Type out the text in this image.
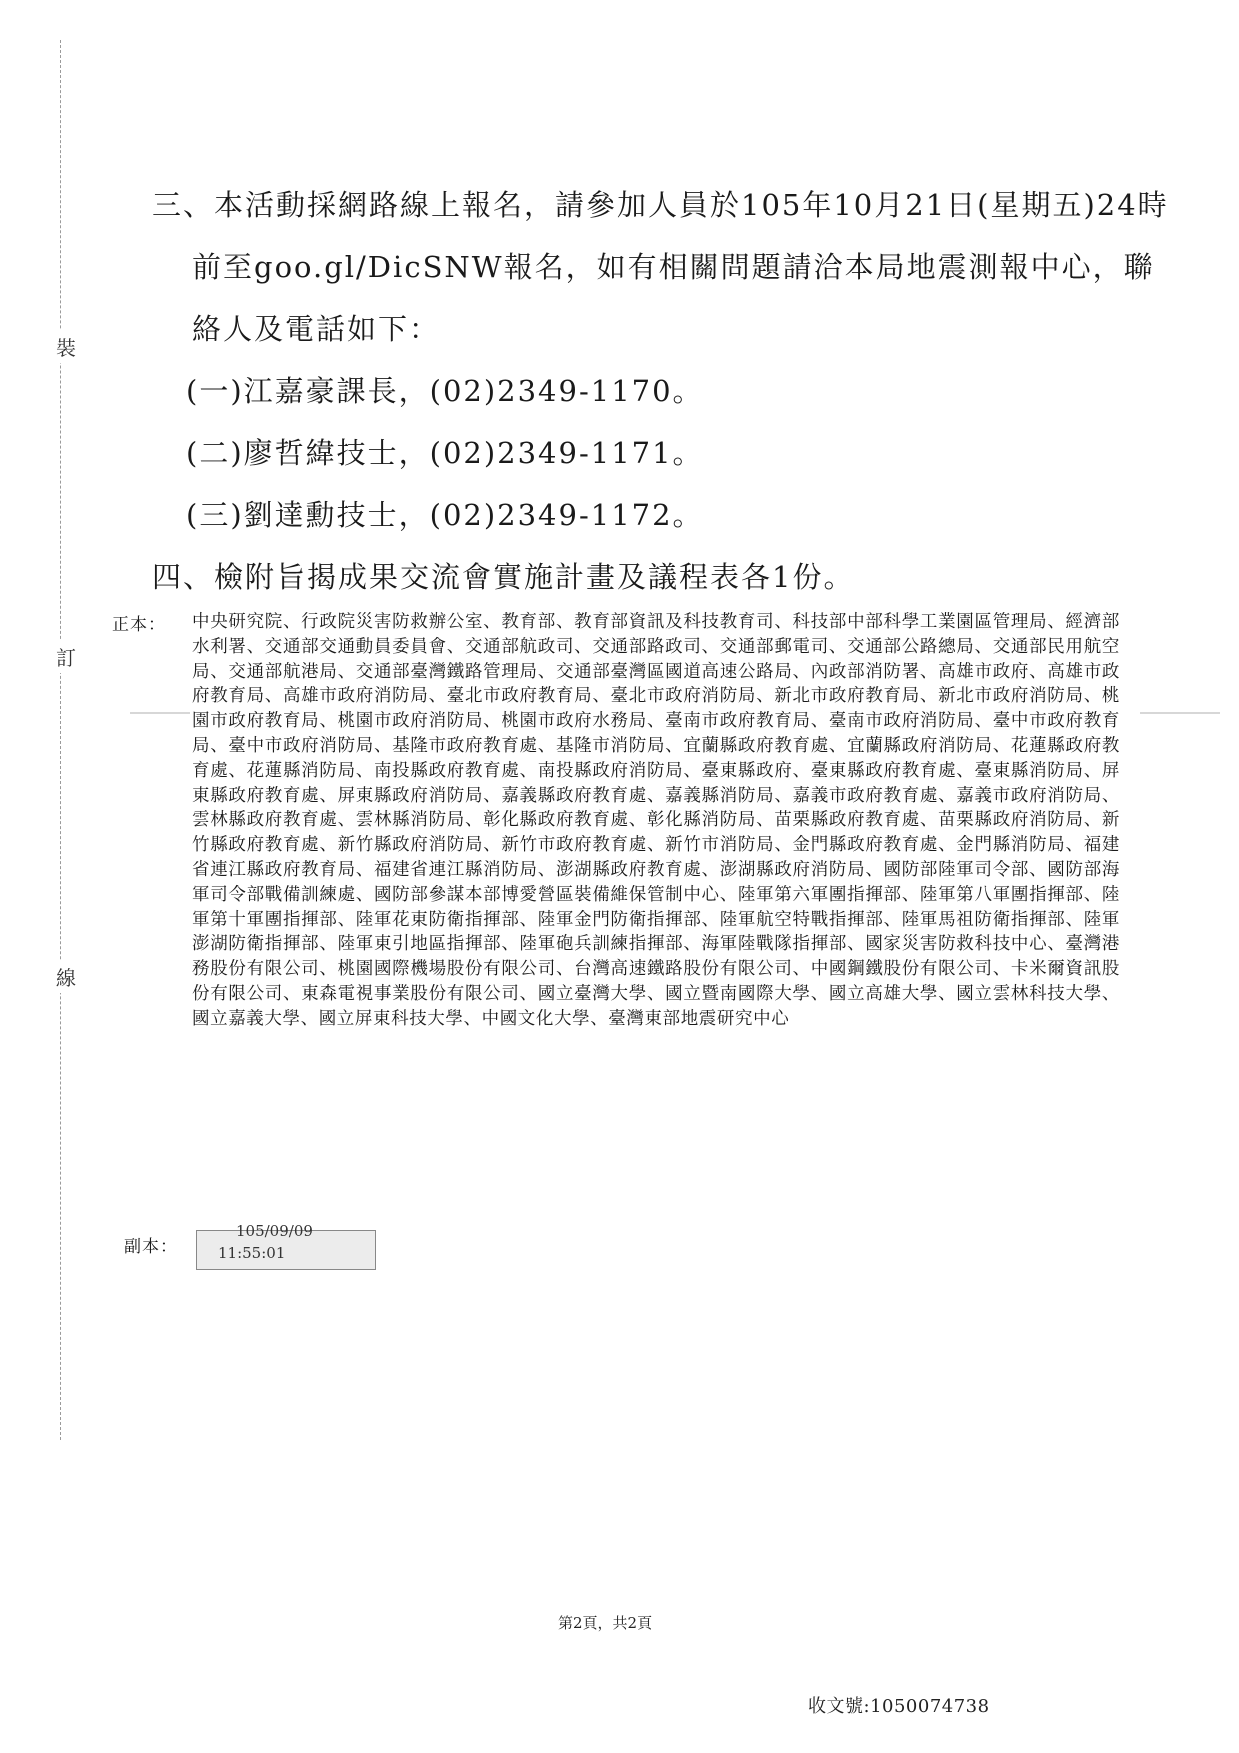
裝
訂
線
三、本活動採網路線上報名，請參加人員於105年10月21日(星期五)24時
前至goo.gl/DicSNW報名，如有相關問題請洽本局地震測報中心，聯
絡人及電話如下：
(一)江嘉豪課長，(02)2349-1170。
(二)廖哲緯技士，(02)2349-1171。
(三)劉達勳技士，(02)2349-1172。
四、檢附旨揭成果交流會實施計畫及議程表各1份。
正本： 中央研究院、行政院災害防救辦公室、教育部、教育部資訊及科技教育司、科技部中部科學工業園區管理局、經濟部水利署、交通部交通動員委員會、交通部航政司、交通部路政司、交通部郵電司、交通部公路總局、交通部民用航空局、交通部航港局、交通部臺灣鐵路管理局、交通部臺灣區國道高速公路局、內政部消防署、高雄市政府、高雄市政府教育局、高雄市政府消防局、臺北市政府教育局、臺北市政府消防局、新北市政府教育局、新北市政府消防局、桃園市政府教育局、桃園市政府消防局、桃園市政府水務局、臺南市政府教育局、臺南市政府消防局、臺中市政府教育局、臺中市政府消防局、基隆市政府教育處、基隆市消防局、宜蘭縣政府教育處、宜蘭縣政府消防局、花蓮縣政府教育處、花蓮縣消防局、南投縣政府教育處、南投縣政府消防局、臺東縣政府、臺東縣政府教育處、臺東縣消防局、屏東縣政府教育處、屏東縣政府消防局、嘉義縣政府教育處、嘉義縣消防局、嘉義市政府教育處、嘉義市政府消防局、雲林縣政府教育處、雲林縣消防局、彰化縣政府教育處、彰化縣消防局、苗栗縣政府教育處、苗栗縣政府消防局、新竹縣政府教育處、新竹縣政府消防局、新竹市政府教育處、新竹市消防局、金門縣政府教育處、金門縣消防局、福建省連江縣政府教育局、福建省連江縣消防局、澎湖縣政府教育處、澎湖縣政府消防局、國防部陸軍司令部、國防部海軍司令部戰備訓練處、國防部參謀本部博愛營區裝備維保管制中心、陸軍第六軍團指揮部、陸軍第八軍團指揮部、陸軍第十軍團指揮部、陸軍花東防衛指揮部、陸軍金門防衛指揮部、陸軍航空特戰指揮部、陸軍馬祖防衛指揮部、陸軍澎湖防衛指揮部、陸軍東引地區指揮部、陸軍砲兵訓練指揮部、海軍陸戰隊指揮部、國家災害防救科技中心、臺灣港務股份有限公司、桃園國際機場股份有限公司、台灣高速鐵路股份有限公司、中國鋼鐵股份有限公司、卡米爾資訊股份有限公司、東森電視事業股份有限公司、國立臺灣大學、國立暨南國際大學、國立高雄大學、國立雲林科技大學、國立嘉義大學、國立屏東科技大學、中國文化大學、臺灣東部地震研究中心
副本：
105/09/09
11:55:01
第2頁，共2頁
收文號:1050074738
